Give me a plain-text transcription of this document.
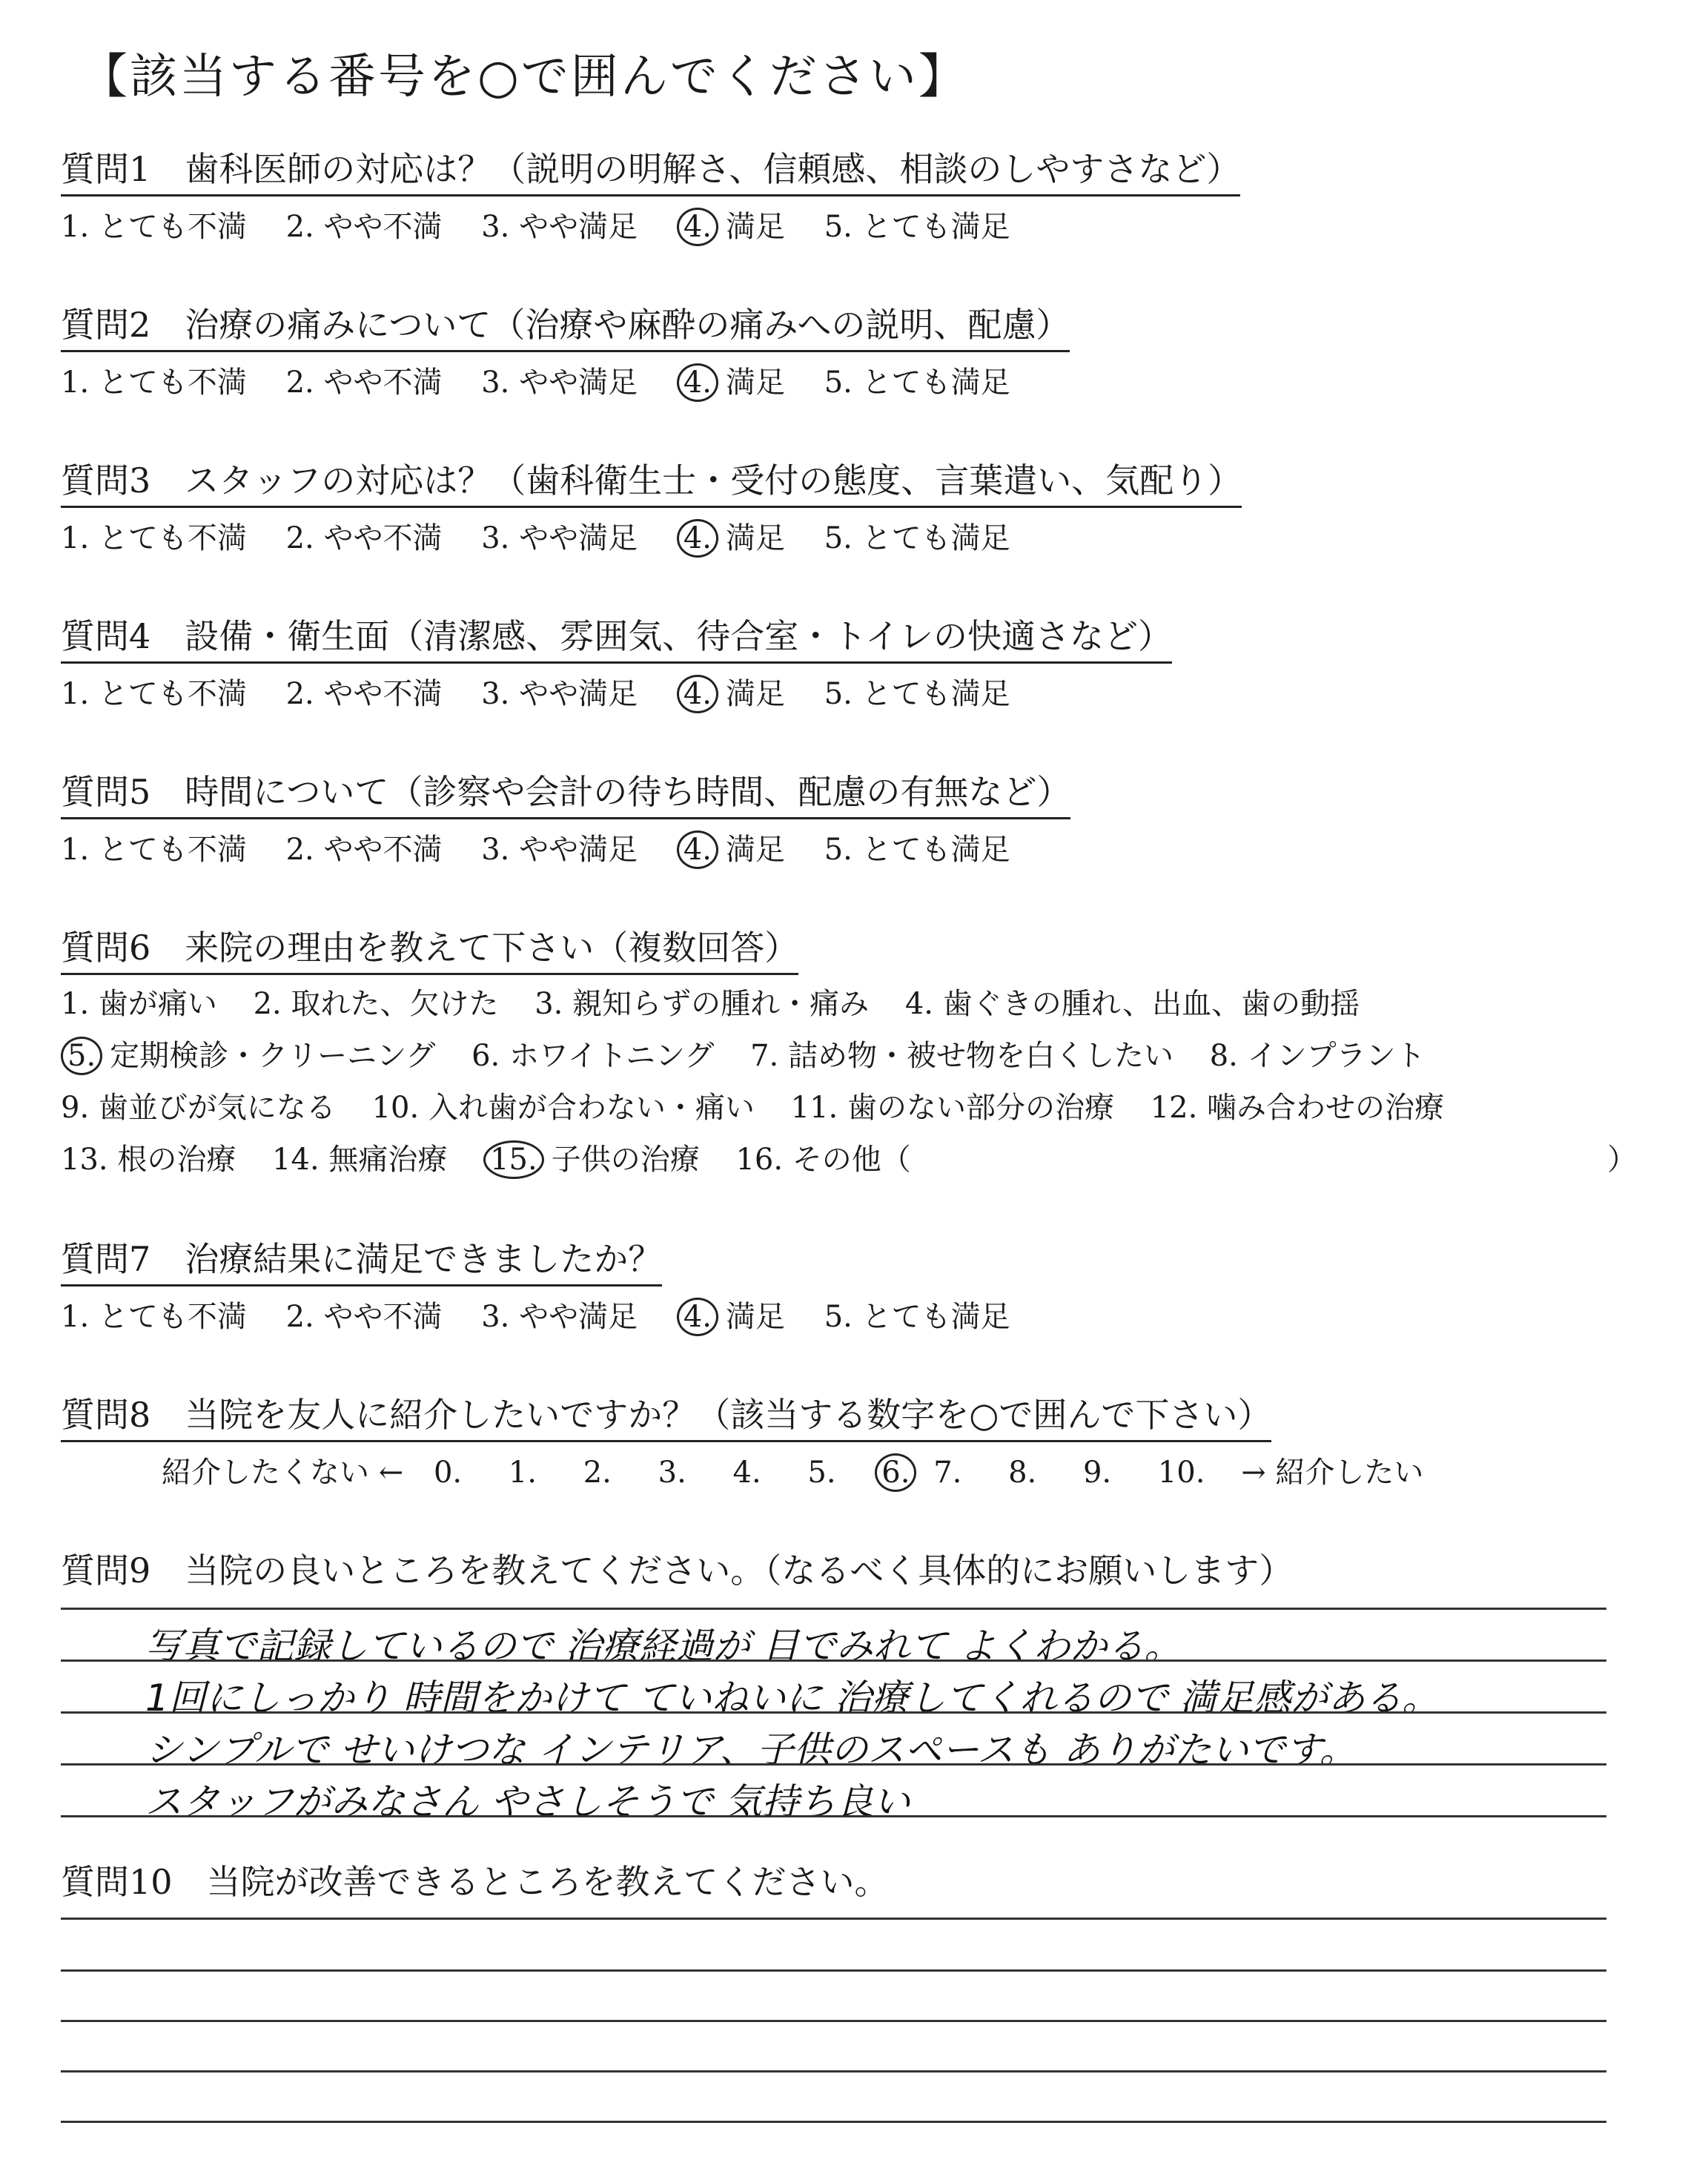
【該当する番号を○で囲んでください】
質問1　歯科医師の対応は？（説明の明解さ、信頼感、相談のしやすさなど）
1. とても不満 2. やや不満 3. やや満足 4. 満足 5. とても満足
質問2　治療の痛みについて（治療や麻酔の痛みへの説明、配慮）
1. とても不満 2. やや不満 3. やや満足 4. 満足 5. とても満足
質問3　スタッフの対応は？（歯科衛生士・受付の態度、言葉遣い、気配り）
1. とても不満 2. やや不満 3. やや満足 4. 満足 5. とても満足
質問4　設備・衛生面（清潔感、雰囲気、待合室・トイレの快適さなど）
1. とても不満 2. やや不満 3. やや満足 4. 満足 5. とても満足
質問5　時間について（診察や会計の待ち時間、配慮の有無など）
1. とても不満 2. やや不満 3. やや満足 4. 満足 5. とても満足
質問6　来院の理由を教えて下さい（複数回答）
1. 歯が痛い 2. 取れた、欠けた 3. 親知らずの腫れ・痛み 4. 歯ぐきの腫れ、出血、歯の動揺
5. 定期検診・クリーニング 6. ホワイトニング 7. 詰め物・被せ物を白くしたい 8. インプラント
9. 歯並びが気になる 10. 入れ歯が合わない・痛い 11. 歯のない部分の治療 12. 噛み合わせの治療
13. 根の治療 14. 無痛治療 15. 子供の治療 16. その他（	）
質問7　治療結果に満足できましたか？
1. とても不満 2. やや不満 3. やや満足 4. 満足 5. とても満足
質問8　当院を友人に紹介したいですか？（該当する数字を○で囲んで下さい）
紹介したくない ← 0. 1. 2. 3. 4. 5. 6. 7. 8. 9. 10. → 紹介したい
質問9　当院の良いところを教えてください。（なるべく具体的にお願いします）
写真で記録しているので 治療経過が 目でみれて よくわかる。
1回にしっかり 時間をかけて ていねいに 治療してくれるので 満足感がある。
シンプルで せいけつな インテリア、子供のスペースも ありがたいです。
スタッフがみなさん やさしそうで 気持ち良い
質問10　当院が改善できるところを教えてください。
